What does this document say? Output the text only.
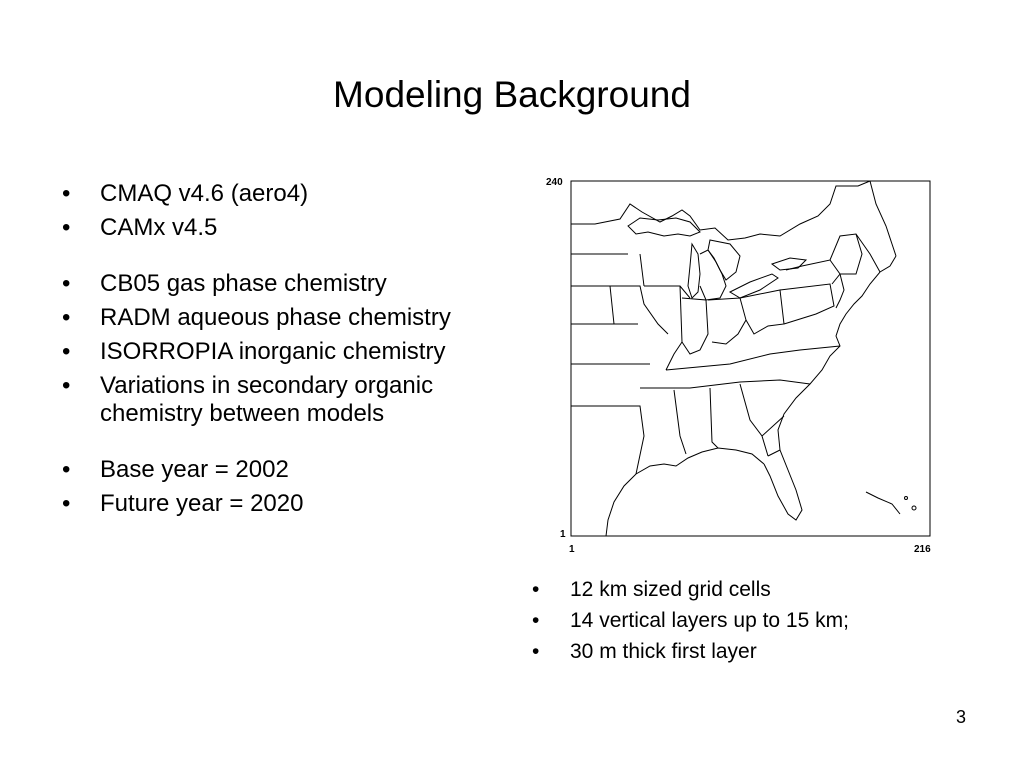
Modeling Background
• CMAQ v4.6 (aero4)
• CAMx v4.5
• CB05 gas phase chemistry
• RADM aqueous phase chemistry
• ISORROPIA inorganic chemistry
• Variations in secondary organic chemistry between models
• Base year = 2002
• Future year = 2020
240
1
1	216
• 12 km sized grid cells
• 14 vertical layers up to 15 km;
• 30 m thick first layer
3
